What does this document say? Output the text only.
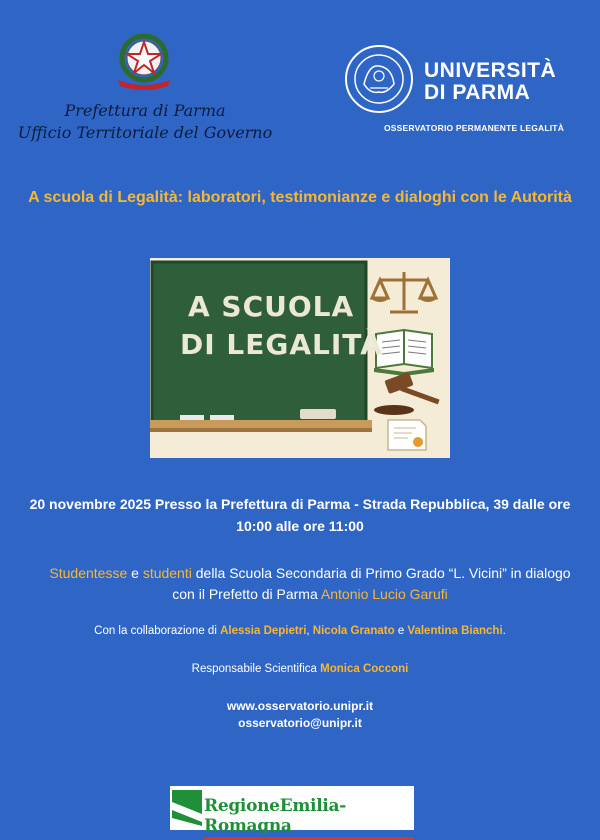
Prefettura di Parma
Ufficio Territoriale del Governo
UNIVERSITÀ
DI PARMA
OSSERVATORIO PERMANENTE LEGALITÀ
A scuola di Legalità: laboratori, testimonianze e dialoghi con le Autorità
A SCUOLA
DI LEGALITÀ
20 novembre 2025 Presso la Prefettura di Parma - Strada Repubblica, 39 dalle ore 10:00 alle ore 11:00
Studentesse e studenti della Scuola Secondaria di Primo Grado “L. Vicini” in dialogo con il Prefetto di Parma Antonio Lucio Garufi
Con la collaborazione di Alessia Depietri, Nicola Granato e Valentina Bianchi.
Responsabile Scientifica Monica Cocconi
www.osservatorio.unipr.it
osservatorio@unipr.it
RegioneEmilia-Romagna
